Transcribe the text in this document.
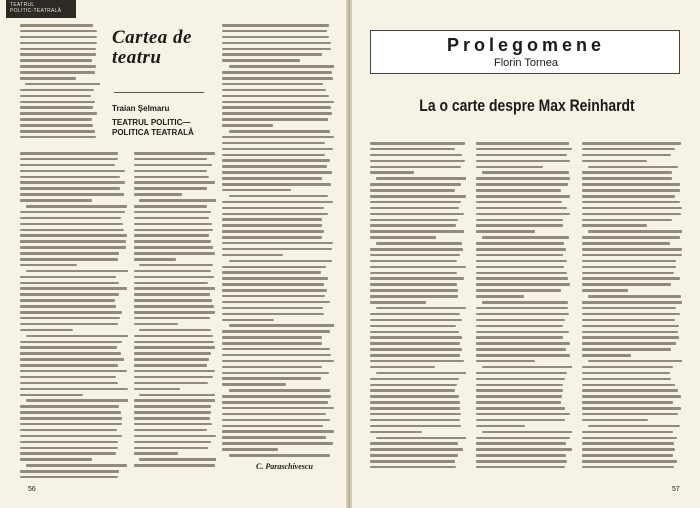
TEATRUL
POLITIC-TEATRALĂ
Cartea de teatru
Traian Șelmaru
TEATRUL POLITIC— POLITICA TEATRALĂ
C. Paraschivescu
56
Prolegomene
Florin Tornea
La o carte despre Max Reinhardt
57
